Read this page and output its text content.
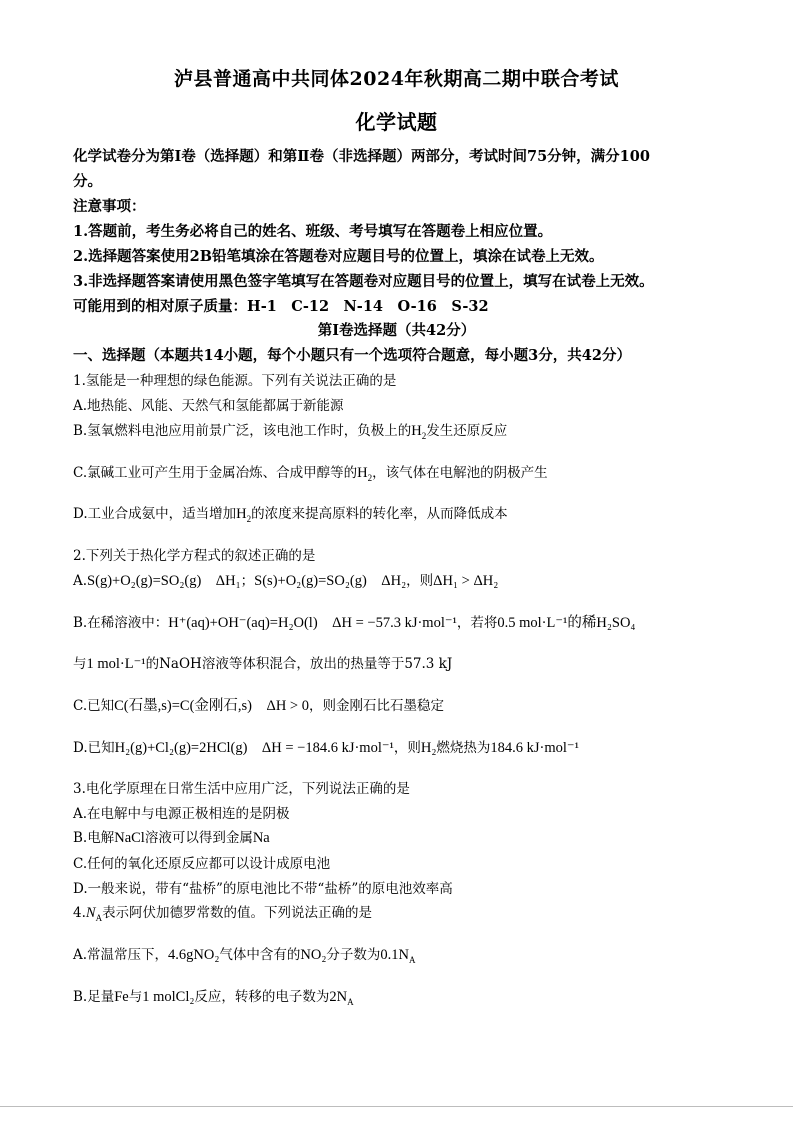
泸县普通高中共同体2024年秋期高二期中联合考试
化学试题
化学试卷分为第Ⅰ卷（选择题）和第Ⅱ卷（非选择题）两部分，考试时间75分钟，满分100
分。
注意事项：
1.答题前，考生务必将自己的姓名、班级、考号填写在答题卷上相应位置。
2.选择题答案使用2B铅笔填涂在答题卷对应题目号的位置上，填涂在试卷上无效。
3.非选择题答案请使用黑色签字笔填写在答题卷对应题目号的位置上，填写在试卷上无效。
可能用到的相对原子质量：H-1　C-12　N-14　O-16　S-32
第Ⅰ卷选择题（共42分）
一、选择题（本题共14小题，每个小题只有一个选项符合题意，每小题3分，共42分）
1.氢能是一种理想的绿色能源。下列有关说法正确的是
A.地热能、风能、天然气和氢能都属于新能源
B.氢氧燃料电池应用前景广泛，该电池工作时，负极上的$H_2$发生还原反应
C.氯碱工业可产生用于金属冶炼、合成甲醇等的$H_2$，该气体在电解池的阴极产生
D.工业合成氨中，适当增加$H_2$的浓度来提高原料的转化率，从而降低成本
2.下列关于热化学方程式的叙述正确的是
A.S(g)+O₂(g)=SO₂(g)　ΔH₁；S(s)+O₂(g)=SO₂(g)　ΔH₂，则ΔH₁ > ΔH₂
B.在稀溶液中：H⁺(aq)+OH⁻(aq)=H₂O(l)　ΔH = −57.3 kJ·mol⁻¹，若将0.5 mol·L⁻¹的稀H₂SO₄
与1 mol·L⁻¹的NaOH溶液等体积混合，放出的热量等于57.3 kJ
C.已知C(石墨,s)=C(金刚石,s)　ΔH > 0，则金刚石比石墨稳定
D.已知H₂(g)+Cl₂(g)=2HCl(g)　ΔH = −184.6 kJ·mol⁻¹，则H₂燃烧热为184.6 kJ·mol⁻¹
3.电化学原理在日常生活中应用广泛，下列说法正确的是
A.在电解中与电源正极相连的是阴极
B.电解NaCl溶液可以得到金属Na
C.任何的氧化还原反应都可以设计成原电池
D.一般来说，带有“盐桥”的原电池比不带“盐桥”的原电池效率高
$4.N_A$表示阿伏加德罗常数的值。下列说法正确的是
A.常温常压下，4.6gNO₂气体中含有的NO₂分子数为$0.1N_A$
B.足量Fe与1 molCl₂反应，转移的电子数为$2N_A$
